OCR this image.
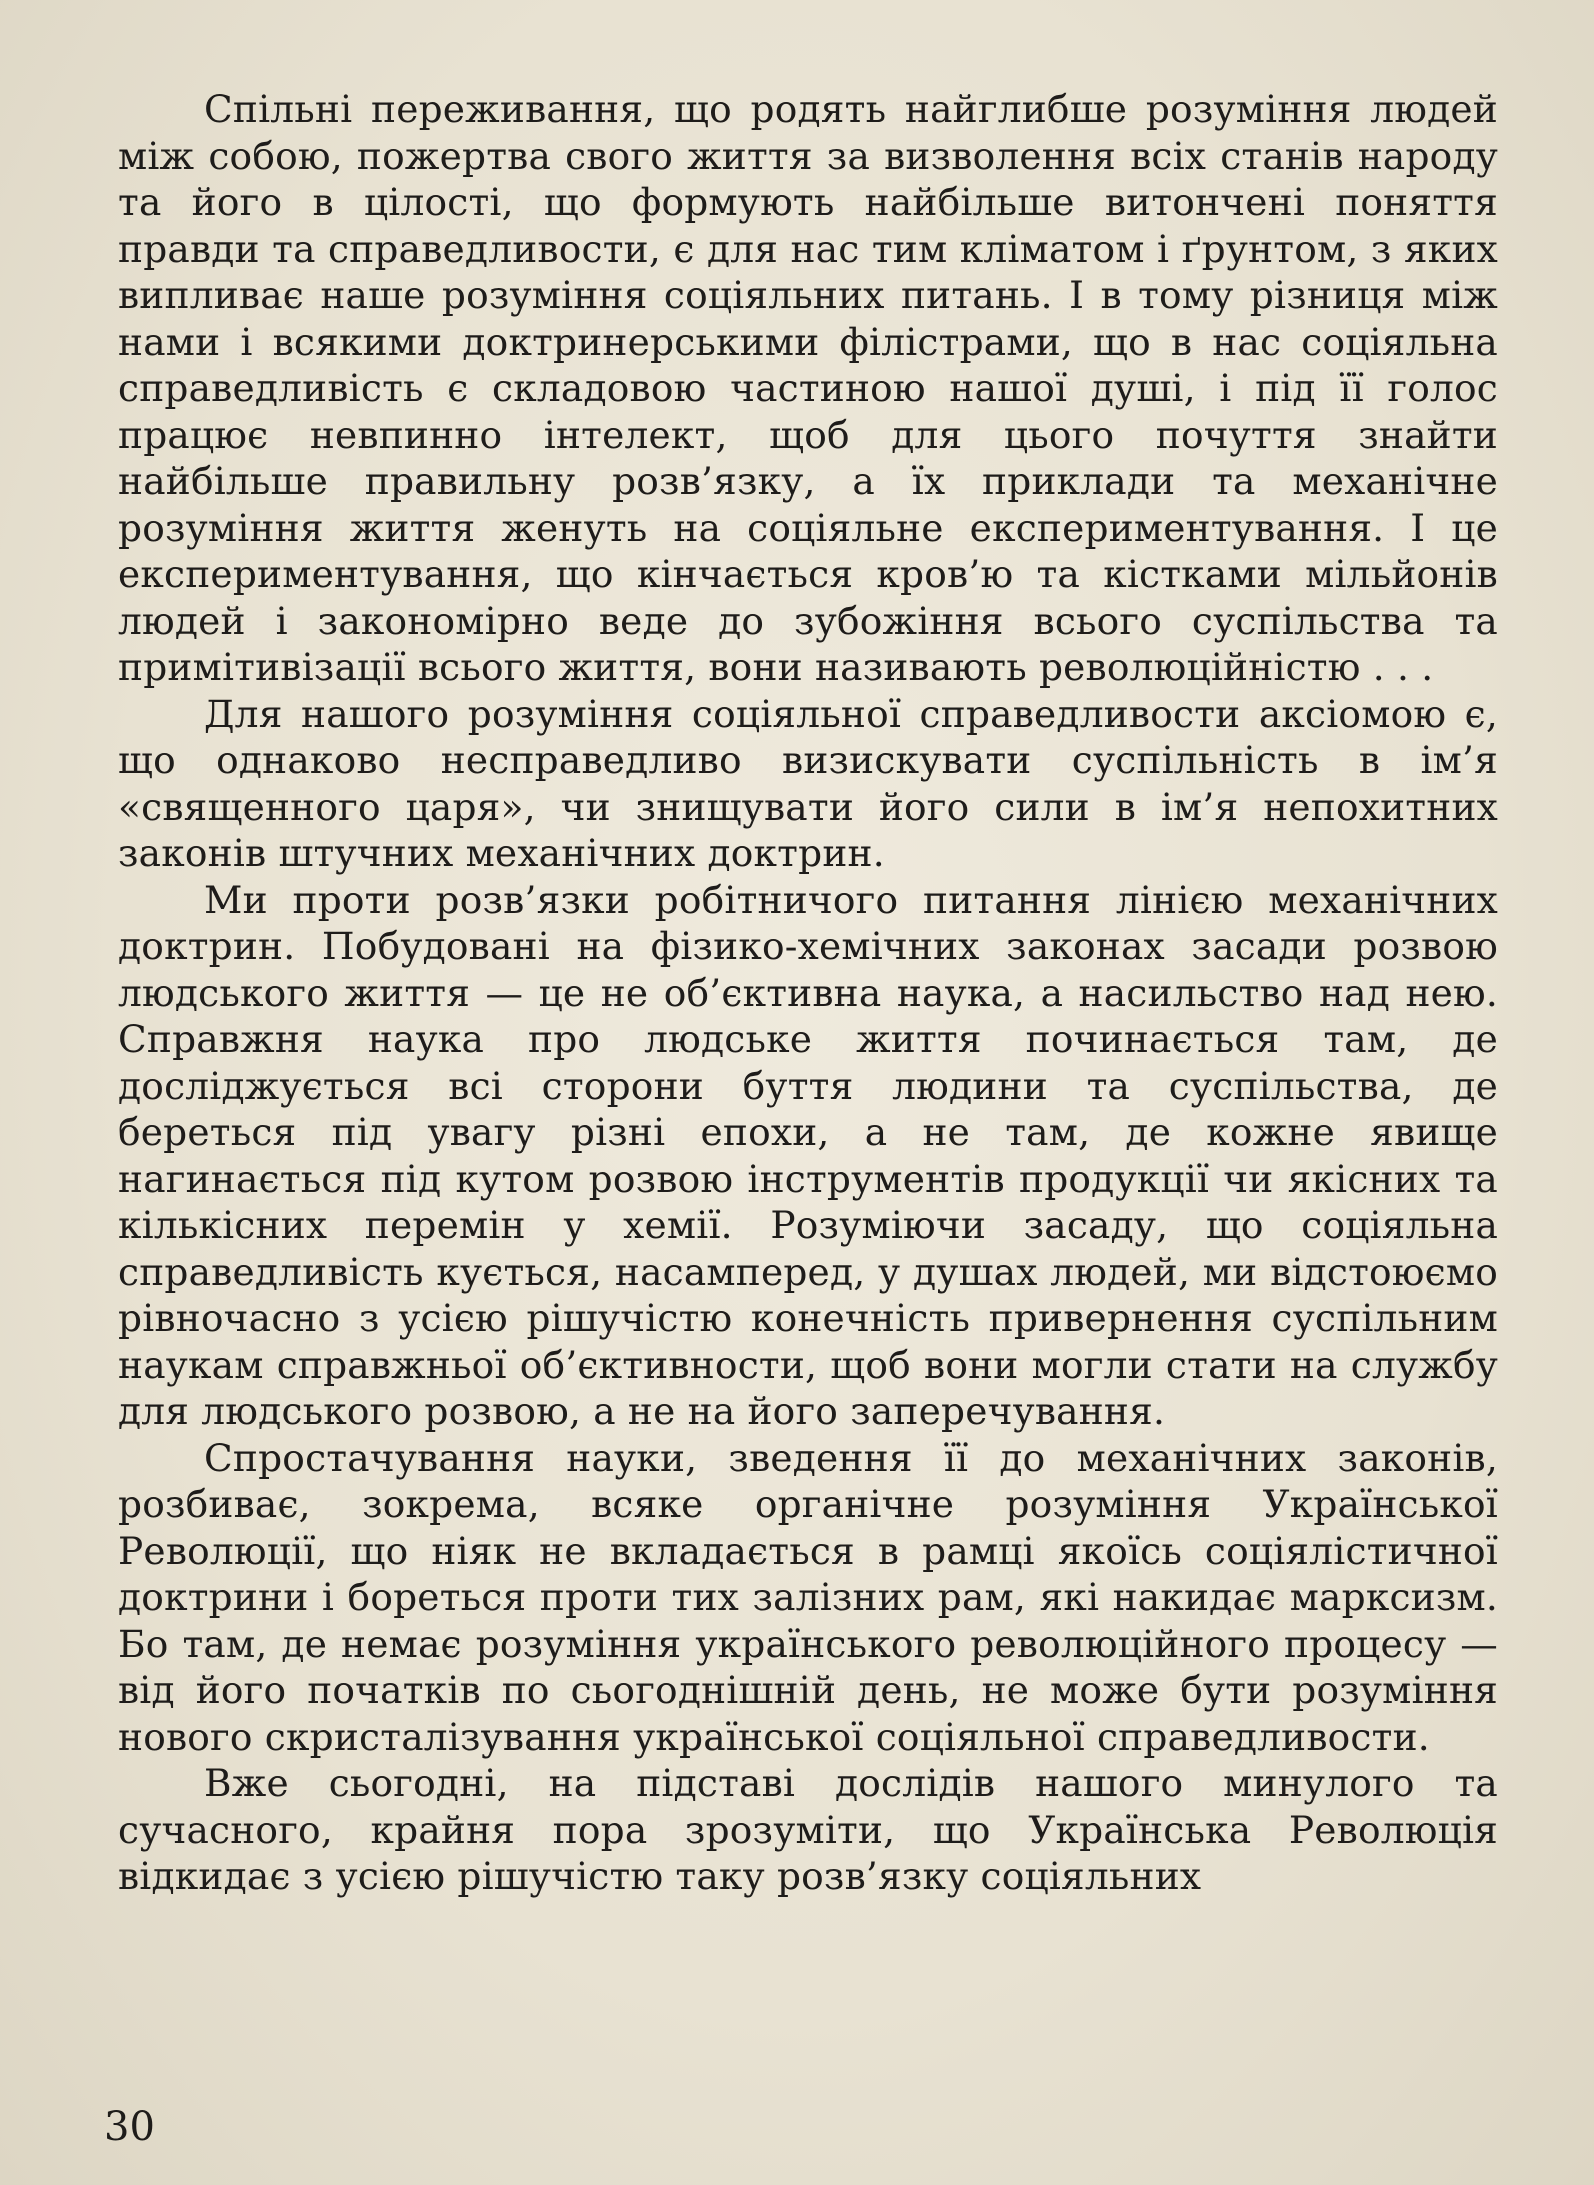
Спільні переживання, що родять найглибше розуміння людей між собою, пожертва свого життя за визволення всіх станів народу та його в цілості, що формують найбільше витончені поняття правди та справедливости, є для нас тим кліматом і ґрунтом, з яких випливає наше розуміння соціяльних питань. І в тому різниця між нами і всякими доктринерськими філістрами, що в нас соціяльна справедливість є складовою частиною нашої душі, і під її голос працює невпинно інтелект, щоб для цього почуття знайти найбільше правильну розв’язку, а їх приклади та механічне розуміння життя женуть на соціяльне експериментування. І це експериментування, що кінчається кров’ю та кістками мільйонів людей і закономірно веде до зубожіння всього суспільства та примітивізації всього життя, вони називають революційністю . . .

Для нашого розуміння соціяльної справедливости аксіомою є, що однаково несправедливо визискувати суспільність в ім’я «священного царя», чи знищувати його сили в ім’я непохитних законів штучних механічних доктрин.

Ми проти розв’язки робітничого питання лінією механічних доктрин. Побудовані на фізико-хемічних законах засади розвою людського життя — це не об’єктивна наука, а насильство над нею. Справжня наука про людське життя починається там, де досліджується всі сторони буття людини та суспільства, де береться під увагу різні епохи, а не там, де кожне явище нагинається під кутом розвою інструментів продукції чи якісних та кількісних перемін у хемії. Розуміючи засаду, що соціяльна справедливість кується, насамперед, у душах людей, ми відстоюємо рівночасно з усією рішучістю конечність привернення суспільним наукам справжньої об’єктивности, щоб вони могли стати на службу для людського розвою, а не на його заперечування.

Спростачування науки, зведення її до механічних законів, розбиває, зокрема, всяке органічне розуміння Української Революції, що ніяк не вкладається в рамці якоїсь соціялістичної доктрини і бореться проти тих залізних рам, які накидає марксизм. Бо там, де немає розуміння українського революційного процесу — від його початків по сьогоднішній день, не може бути розуміння нового скристалізування української соціяльної справедливости.

Вже сьогодні, на підставі дослідів нашого минулого та сучасного, крайня пора зрозуміти, що Українська Революція відкидає з усією рішучістю таку розв’язку соціяльних

30
